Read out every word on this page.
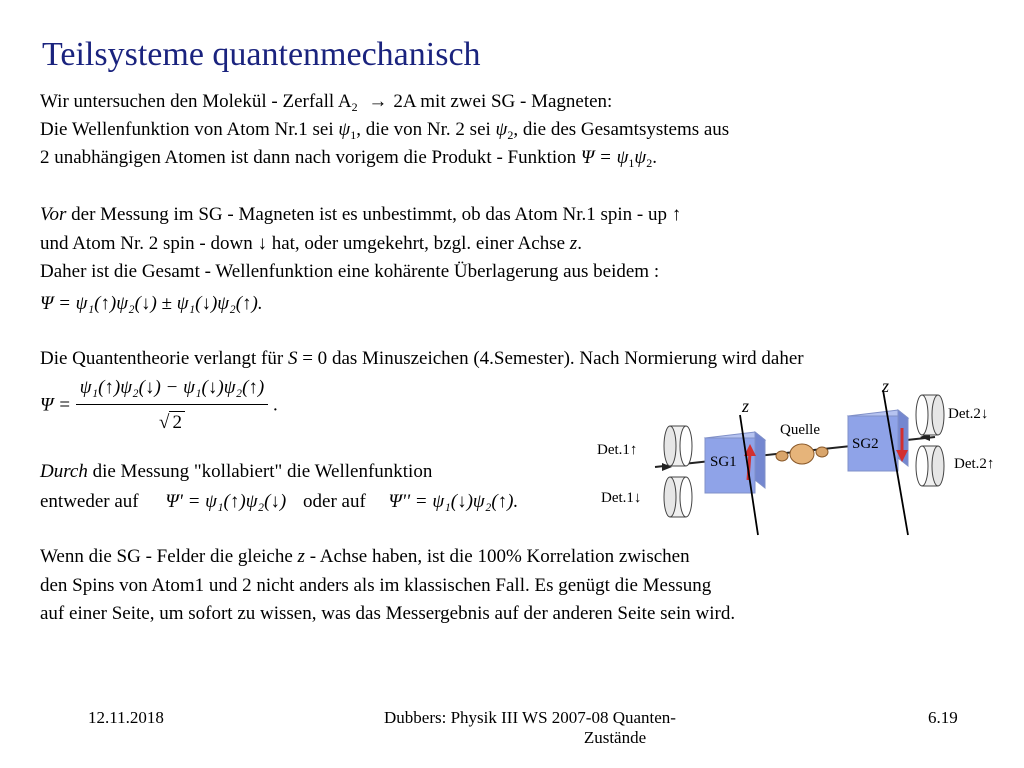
Teilsysteme quantenmechanisch
Wir untersuchen den Molekül - Zerfall $A_2 \to 2A$ mit zwei SG - Magneten:
Die Wellenfunktion von Atom Nr.1 sei $\psi_1$, die von Nr. 2 sei $\psi_2$, die des Gesamtsystems aus
2 unabhängigen Atomen ist dann nach vorigem die Produkt - Funktion $\Psi = \psi_1\psi_2$.
Vor der Messung im SG - Magneten ist es unbestimmt, ob das Atom Nr.1 spin - up ↑
und Atom Nr. 2 spin - down ↓ hat, oder umgekehrt, bzgl. einer Achse z.
Daher ist die Gesamt - Wellenfunktion eine kohärente Überlagerung aus beidem :
Ψ = ψ₁(↑)ψ₂(↓) ± ψ₁(↓)ψ₂(↑).
Die Quantentheorie verlangt für S = 0 das Minuszeichen (4.Semester). Nach Normierung wird daher
$\Psi = \frac{\text{ψ₁(↑)ψ₂(↓) − ψ₁(↓)ψ₂(↑)}}{√ 2}$ .
Durch die Messung "kollabiert" die Wellenfunktion
entweder auf Ψ' = ψ₁(↑)ψ₂(↓) oder auf Ψ'' = ψ₁(↓)ψ₂(↑).
Wenn die SG - Felder die gleiche z - Achse haben, ist die 100% Korrelation zwischen
den Spins von Atom1 und 2 nicht anders als im klassischen Fall. Es genügt die Messung
auf einer Seite, um sofort zu wissen, was das Messergebnis auf der anderen Seite sein wird.
SG1
SG2
Quelle
z
z
Det.1↑
Det.1↓
Det.2↓
Det.2↑
12.11.2018	Dubbers: Physik III WS 2007-08 Quanten-
Zustände
6.19
